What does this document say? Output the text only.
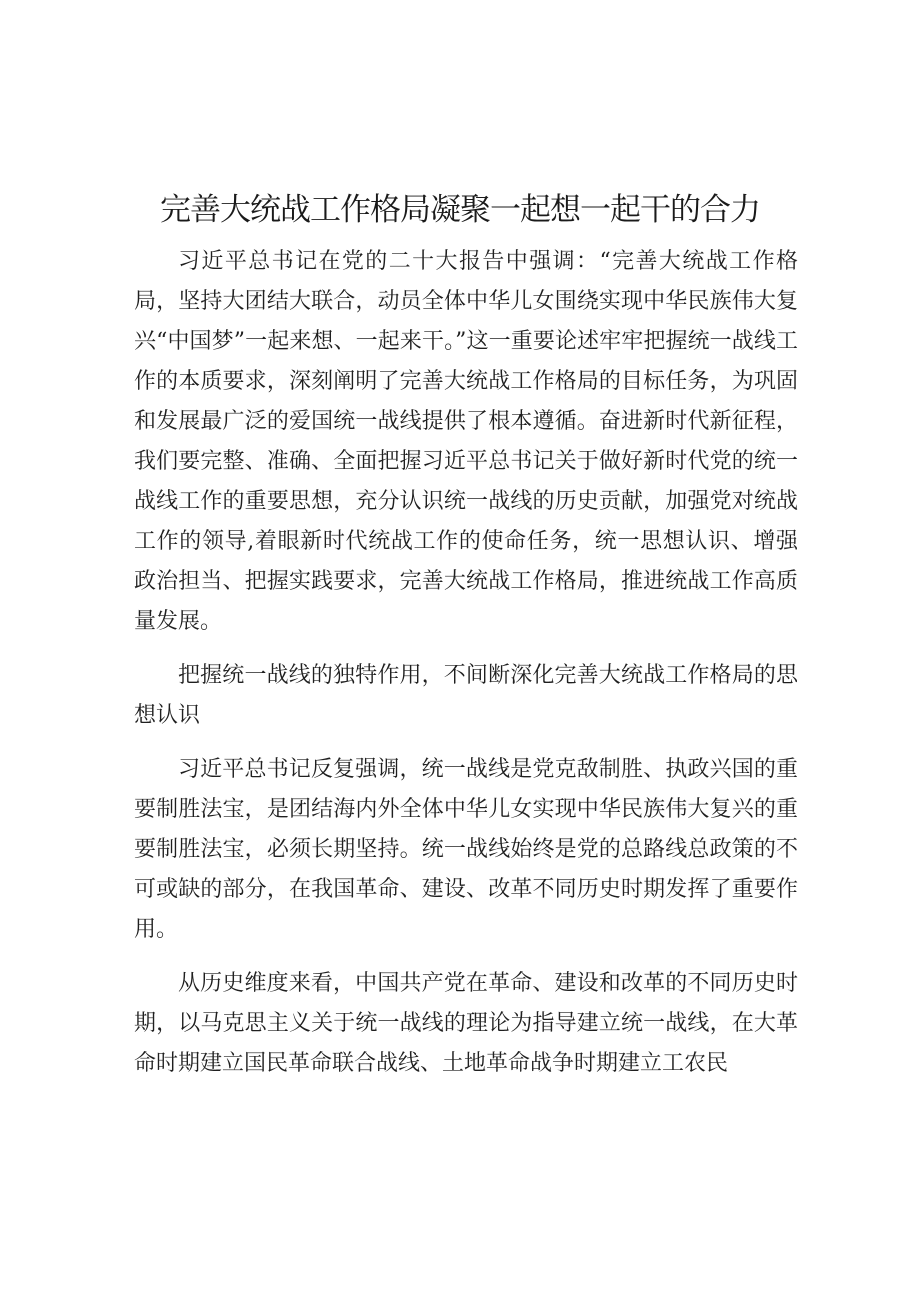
完善大统战工作格局凝聚一起想一起干的合力

习近平总书记在党的二十大报告中强调：“完善大统战工作格局，坚持大团结大联合，动员全体中华儿女围绕实现中华民族伟大复兴“中国梦”一起来想、一起来干。”这一重要论述牢牢把握统一战线工作的本质要求，深刻阐明了完善大统战工作格局的目标任务，为巩固和发展最广泛的爱国统一战线提供了根本遵循。奋进新时代新征程，我们要完整、准确、全面把握习近平总书记关于做好新时代党的统一战线工作的重要思想，充分认识统一战线的历史贡献，加强党对统战工作的领导,着眼新时代统战工作的使命任务，统一思想认识、增强政治担当、把握实践要求，完善大统战工作格局，推进统战工作高质量发展。

把握统一战线的独特作用，不间断深化完善大统战工作格局的思想认识

习近平总书记反复强调，统一战线是党克敌制胜、执政兴国的重要制胜法宝，是团结海内外全体中华儿女实现中华民族伟大复兴的重要制胜法宝，必须长期坚持。统一战线始终是党的总路线总政策的不可或缺的部分，在我国革命、建设、改革不同历史时期发挥了重要作用。

从历史维度来看，中国共产党在革命、建设和改革的不同历史时期，以马克思主义关于统一战线的理论为指导建立统一战线，在大革命时期建立国民革命联合战线、土地革命战争时期建立工农民
